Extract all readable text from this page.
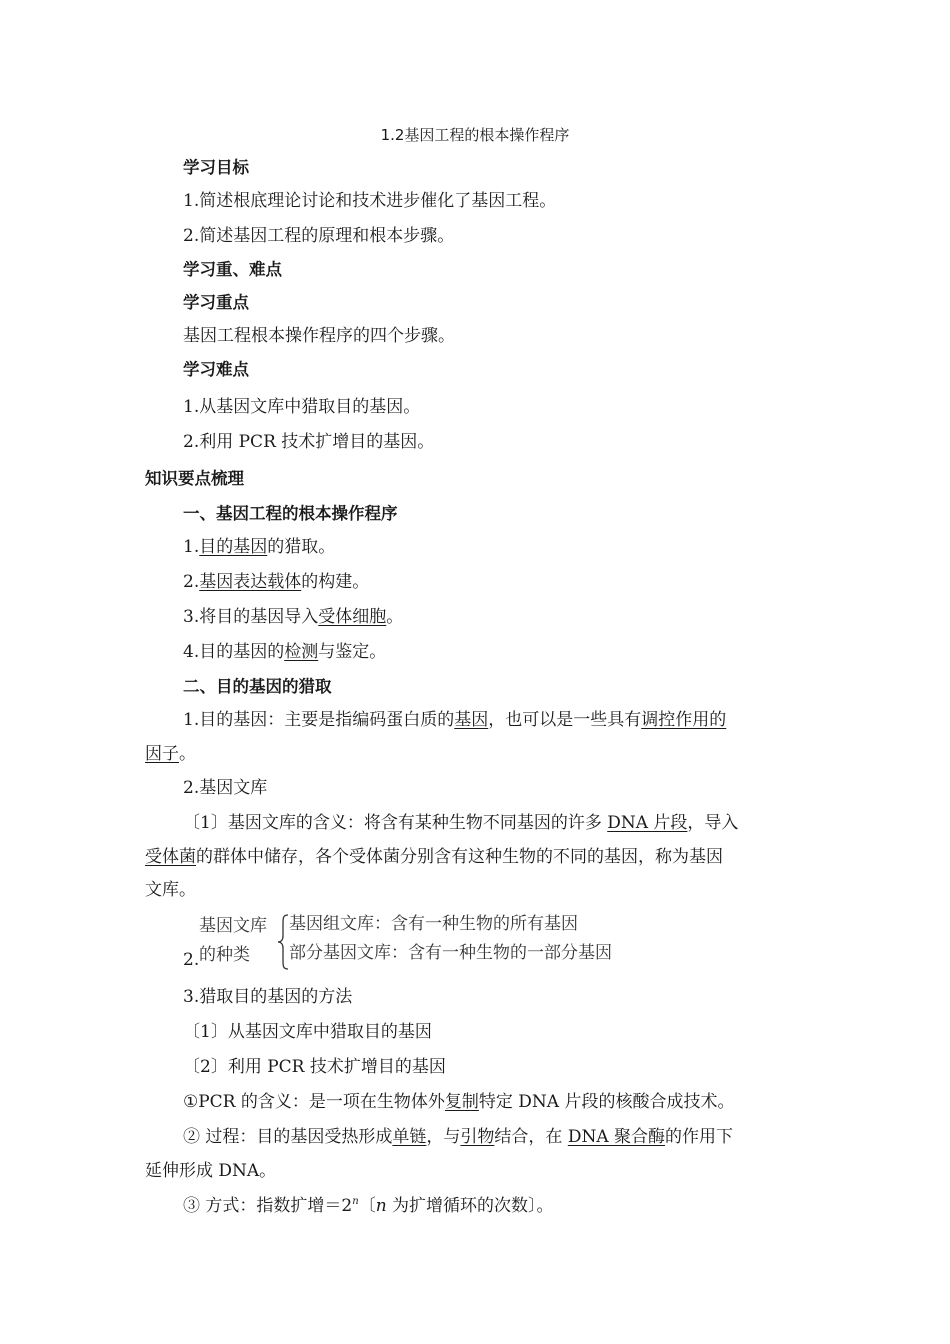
1.2基因工程的根本操作程序
学习目标
1.简述根底理论讨论和技术进步催化了基因工程。
2.简述基因工程的原理和根本步骤。
学习重、难点
学习重点
基因工程根本操作程序的四个步骤。
学习难点
1.从基因文库中猎取目的基因。
2.利用 PCR 技术扩增目的基因。
知识要点梳理
一、基因工程的根本操作程序
1.目的基因的猎取。
2.基因表达载体的构建。
3.将目的基因导入受体细胞。
4.目的基因的检测与鉴定。
二、目的基因的猎取
1.目的基因：主要是指编码蛋白质的基因，也可以是一些具有调控作用的
因子。
2.基因文库
〔1〕基因文库的含义：将含有某种生物不同基因的许多 DNA 片段，导入
受体菌的群体中储存，各个受体菌分别含有这种生物的不同的基因，称为基因
文库。
2.
基因文库
的种类
基因组文库：含有一种生物的所有基因
部分基因文库：含有一种生物的一部分基因
3.猎取目的基因的方法
〔1〕从基因文库中猎取目的基因
〔2〕利用 PCR 技术扩增目的基因
①PCR 的含义：是一项在生物体外复制特定 DNA 片段的核酸合成技术。
② 过程：目的基因受热形成单链，与引物结合，在 DNA 聚合酶的作用下
延伸形成 DNA。
③ 方式：指数扩增$=2^n$〔n 为扩增循环的次数〕。
